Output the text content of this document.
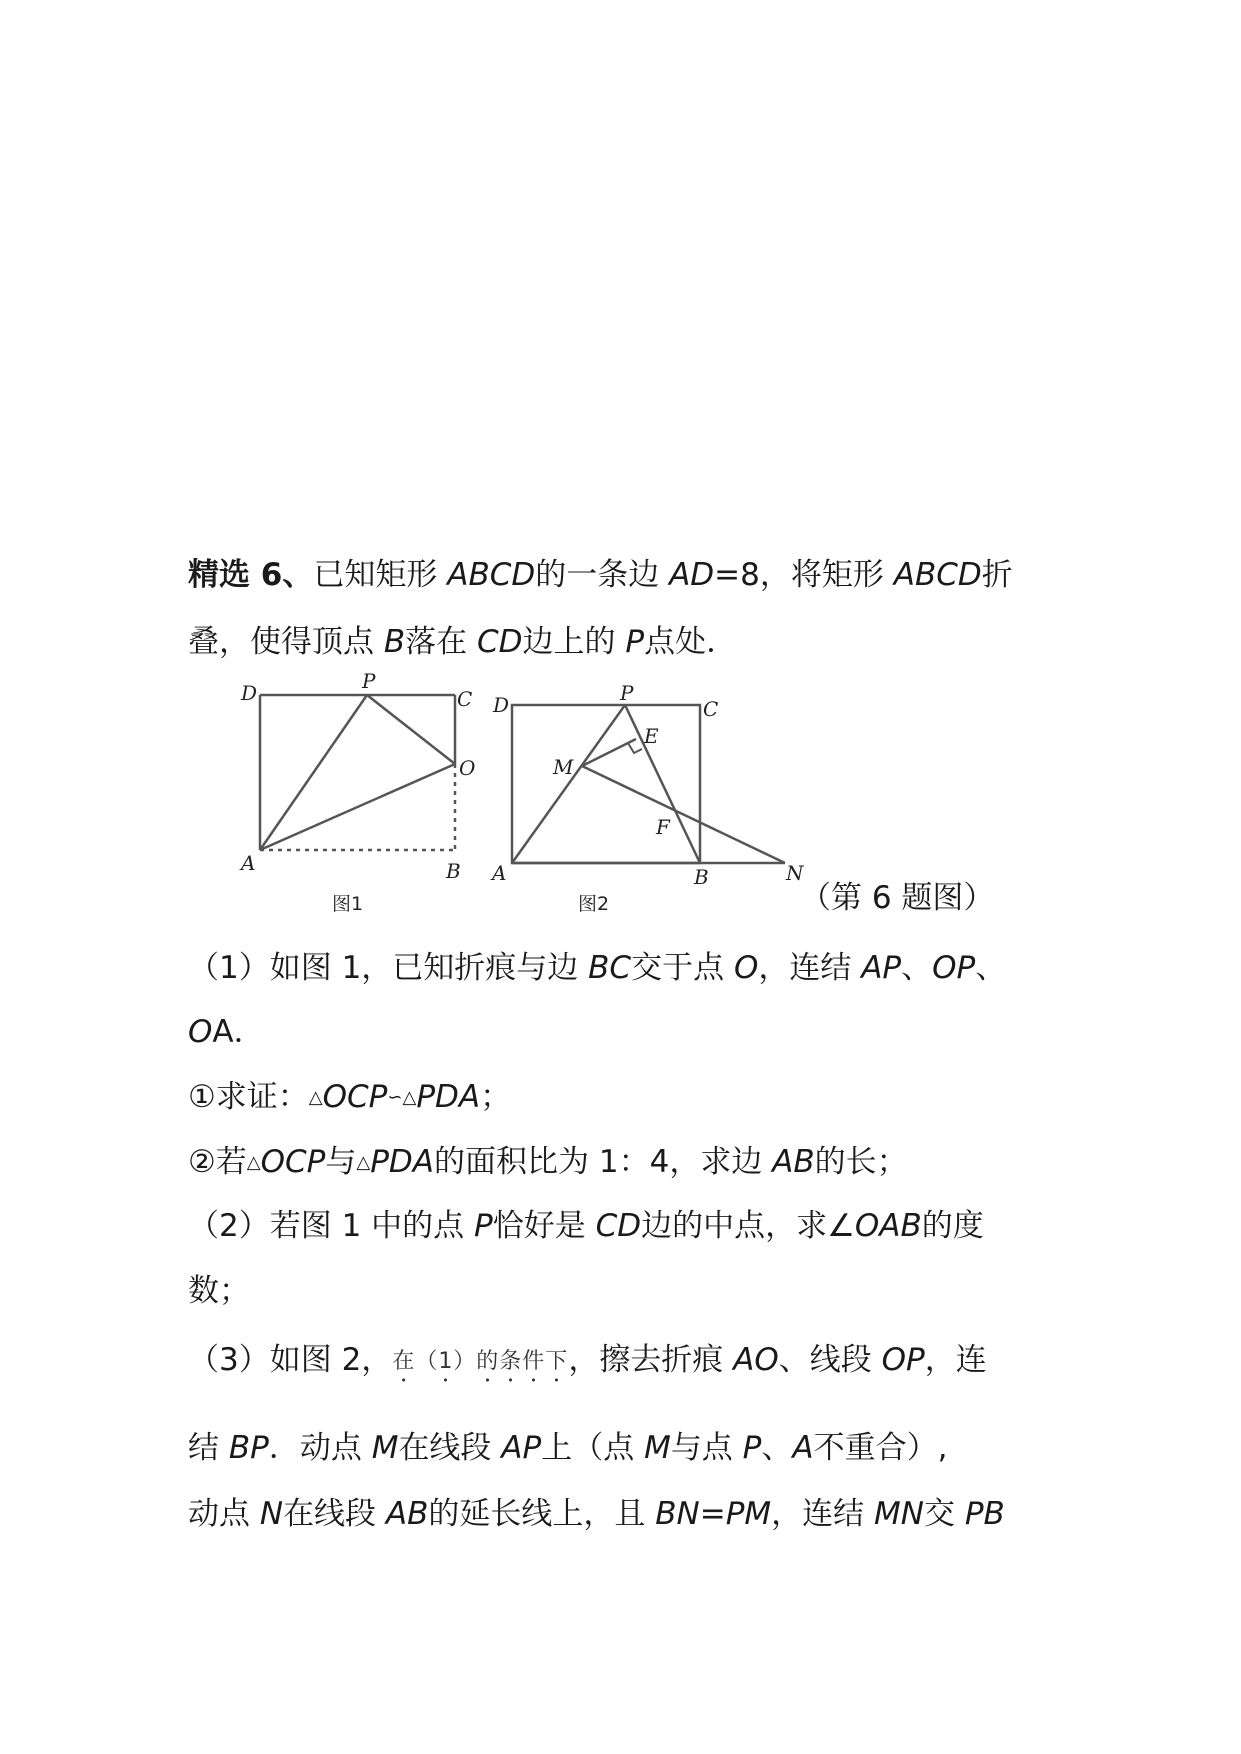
精选 6、已知矩形 ABCD的一条边 AD=8，将矩形 ABCD折
叠，使得顶点 B落在 CD边上的 P点处．
D	P
C
O
A	B
图1
D	P
C
E
M
F
A	B	N
图2	（第 6 题图）
（1）如图 1，已知折痕与边 BC交于点 O，连结 AP、OP、
OA．
①求证：△OCP∽△PDA；
②若△OCP与△PDA的面积比为 1：4，求边 AB的长；
（2）若图 1 中的点 P恰好是 CD边的中点，求∠OAB的度
数；
（3）如图 2，在（1）的条件下，擦去折痕 AO、线段 OP，连
结 BP．动点 M在线段 AP上（点 M与点 P、A不重合）,
动点 N在线段 AB的延长线上，且 BN=PM，连结 MN交 PB
